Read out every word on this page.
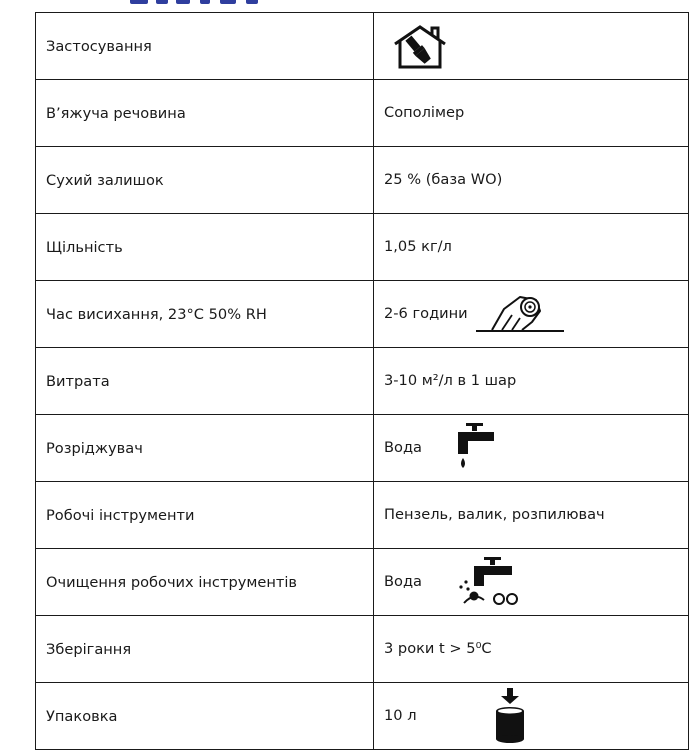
Застосування	

В’яжуча речовина	Сополімер
Сухий залишок	25 % (база WO)
Щільність	1,05 кг/л
Час висихання, 23°С 50% RH	2-6 години

Витрата	3-10 м²/л в 1 шар
Розріджувач	Вода

Робочі інструменти	Пензель, валик, розпилювач
Очищення робочих інструментів	Вода

Зберігання	3 роки t > 5⁰С
Упаковка	10 л
